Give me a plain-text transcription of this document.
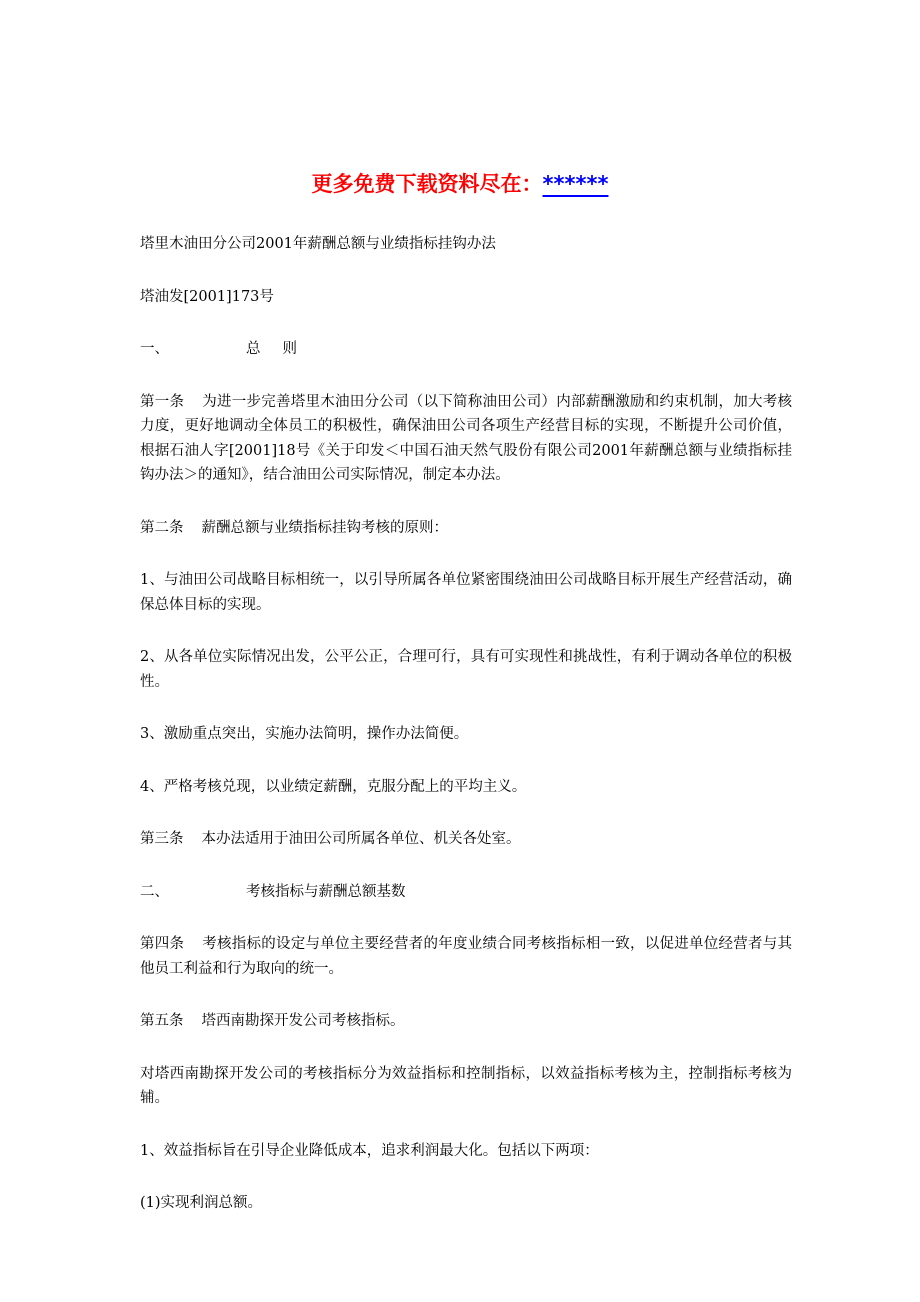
更多免费下载资料尽在：******

塔里木油田分公司2001年薪酬总额与业绩指标挂钩办法

塔油发[2001]173号

一、	总 则

第一条 为进一步完善塔里木油田分公司（以下简称油田公司）内部薪酬激励和约束机制，加大考核力度，更好地调动全体员工的积极性，确保油田公司各项生产经营目标的实现，不断提升公司价值，根据石油人字[2001]18号《关于印发＜中国石油天然气股份有限公司2001年薪酬总额与业绩指标挂钩办法＞的通知》，结合油田公司实际情况，制定本办法。

第二条 薪酬总额与业绩指标挂钩考核的原则：

1、与油田公司战略目标相统一，以引导所属各单位紧密围绕油田公司战略目标开展生产经营活动，确保总体目标的实现。

2、从各单位实际情况出发，公平公正，合理可行，具有可实现性和挑战性，有利于调动各单位的积极性。

3、激励重点突出，实施办法简明，操作办法简便。

4、严格考核兑现，以业绩定薪酬，克服分配上的平均主义。

第三条 本办法适用于油田公司所属各单位、机关各处室。

二、	考核指标与薪酬总额基数

第四条 考核指标的设定与单位主要经营者的年度业绩合同考核指标相一致，以促进单位经营者与其他员工利益和行为取向的统一。

第五条 塔西南勘探开发公司考核指标。

对塔西南勘探开发公司的考核指标分为效益指标和控制指标，以效益指标考核为主，控制指标考核为辅。

1、效益指标旨在引导企业降低成本，追求利润最大化。包括以下两项：

(1)实现利润总额。
